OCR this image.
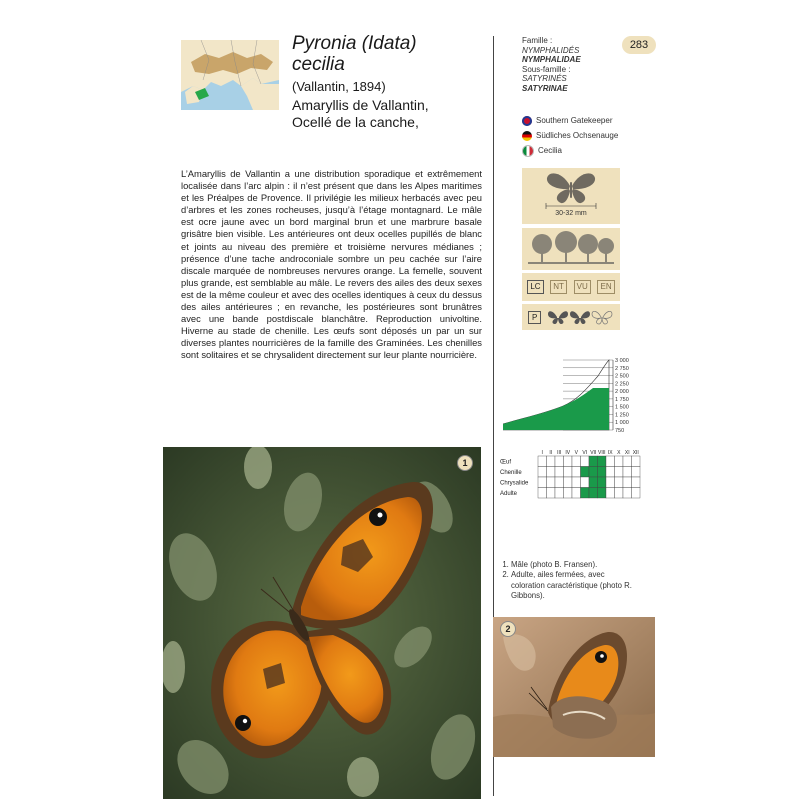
Pyronia (Idata)
cecilia
(Vallantin, 1894)
Amaryllis de Vallantin,
Ocellé de la canche,
283
Famille :
NYMPHALIDÉS
NYMPHALIDAE
Sous-famille :
SATYRINÉS
SATYRINAE
Southern Gatekeeper
Südliches Ochsenauge
Cecilia
30-32 mm
LC	NT	VU	EN
P
3 000
2 750
2 500
2 250
2 000
1 750
1 500
1 250
1 000
750
I II III IV V VI VII VIII IX X XI XII
Œuf
Chenille
Chrysalide
Adulte
L’Amaryllis de Vallantin a une distribution sporadique et extrêmement localisée dans l’arc alpin : il n’est présent que dans les Alpes maritimes et les Préalpes de Provence. Il privilégie les milieux herbacés avec peu d’arbres et les zones rocheuses, jusqu’à l’étage montagnard. Le mâle est ocre jaune avec un bord marginal brun et une marbrure basale grisâtre bien visible. Les antérieures ont deux ocelles pupillés de blanc et joints au niveau des première et troisième nervures médianes ; présence d’une tache androconiale sombre un peu cachée sur l’aire discale marquée de nombreuses nervures orange. La femelle, souvent plus grande, est semblable au mâle. Le revers des ailes des deux sexes est de la même couleur et avec des ocelles identiques à ceux du dessus des ailes antérieures ; en revanche, les postérieures sont brunâtres avec une bande postdiscale blanchâtre. Reproduction univoltine. Hiverne au stade de chenille. Les œufs sont déposés un par un sur diverses plantes nourricières de la famille des Graminées. Les chenilles sont solitaires et se chrysalident directement sur leur plante nourricière.
1
1. Mâle (photo B. Fransen).
2. Adulte, ailes fermées, avec coloration caractéristique (photo R. Gibbons).
2
